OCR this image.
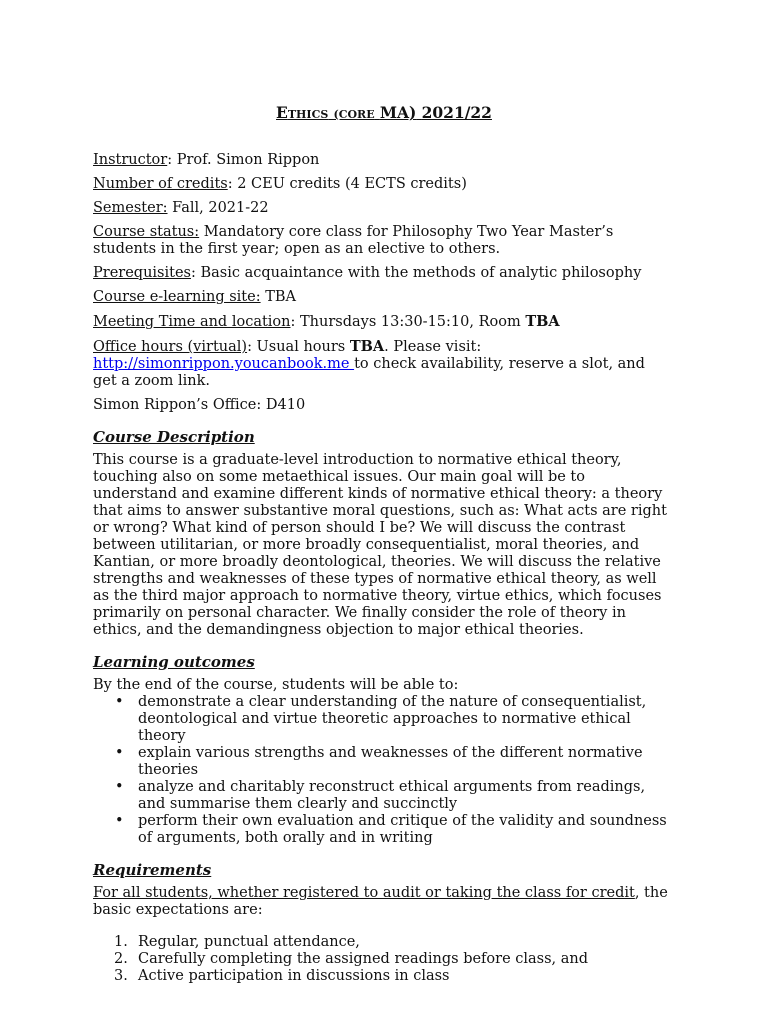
ETHICS (CORE MA) 2021/22
Instructor: Prof. Simon Rippon
Number of credits: 2 CEU credits (4 ECTS credits)
Semester: Fall, 2021-22
Course status: Mandatory core class for Philosophy Two Year Master’s students in the first year; open as an elective to others.
Prerequisites: Basic acquaintance with the methods of analytic philosophy
Course e-learning site: TBA
Meeting Time and location: Thursdays 13:30-15:10, Room TBA
Office hours (virtual): Usual hours TBA. Please visit:
http://simonrippon.youcanbook.me to check availability, reserve a slot, and get a zoom link.
Simon Rippon’s Office: D410
Course Description
This course is a graduate-level introduction to normative ethical theory, touching also on some metaethical issues. Our main goal will be to understand and examine different kinds of normative ethical theory: a theory that aims to answer substantive moral questions, such as: What acts are right or wrong? What kind of person should I be? We will discuss the contrast between utilitarian, or more broadly consequentialist, moral theories, and Kantian, or more broadly deontological, theories. We will discuss the relative strengths and weaknesses of these types of normative ethical theory, as well as the third major approach to normative theory, virtue ethics, which focuses primarily on personal character. We finally consider the role of theory in ethics, and the demandingness objection to major ethical theories.
Learning outcomes
By the end of the course, students will be able to:
• demonstrate a clear understanding of the nature of consequentialist, deontological and virtue theoretic approaches to normative ethical theory
• explain various strengths and weaknesses of the different normative theories
• analyze and charitably reconstruct ethical arguments from readings, and summarise them clearly and succinctly
• perform their own evaluation and critique of the validity and soundness of arguments, both orally and in writing
Requirements
For all students, whether registered to audit or taking the class for credit, the basic expectations are:
1. Regular, punctual attendance,
2. Carefully completing the assigned readings before class, and
3. Active participation in discussions in class
